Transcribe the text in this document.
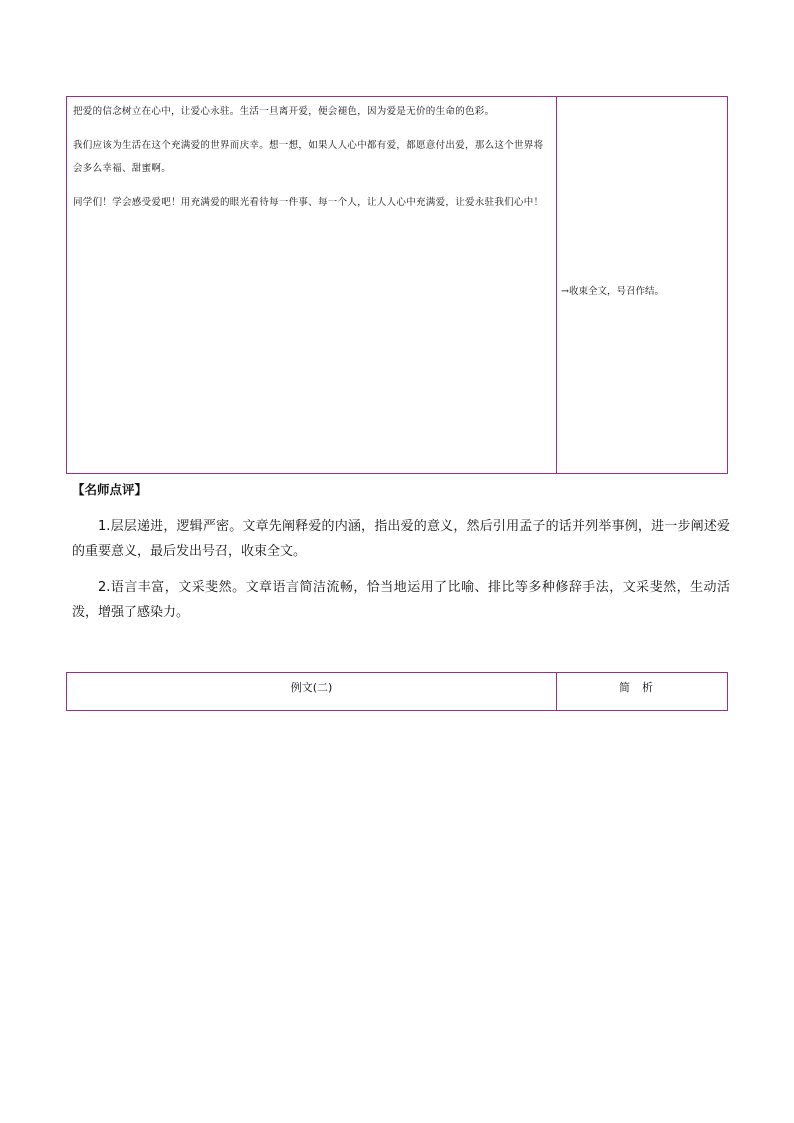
把爱的信念树立在心中，让爱心永驻。生活一旦离开爱，便会褪色，因为爱是无价的生命的色彩。

我们应该为生活在这个充满爱的世界而庆幸。想一想，如果人人心中都有爱，都愿意付出爱，那么这个世界将会多么幸福、甜蜜啊。

同学们！学会感受爱吧！用充满爱的眼光看待每一件事、每一个人，让人人心中充满爱，让爱永驻我们心中！

→收束全文，号召作结。
【名师点评】

1.层层递进，逻辑严密。文章先阐释爱的内涵，指出爱的意义，然后引用孟子的话并列举事例，进一步阐述爱的重要意义，最后发出号召，收束全文。

2.语言丰富，文采斐然。文章语言简洁流畅，恰当地运用了比喻、排比等多种修辞手法，文采斐然，生动活泼，增强了感染力。

例文(二)	简析
